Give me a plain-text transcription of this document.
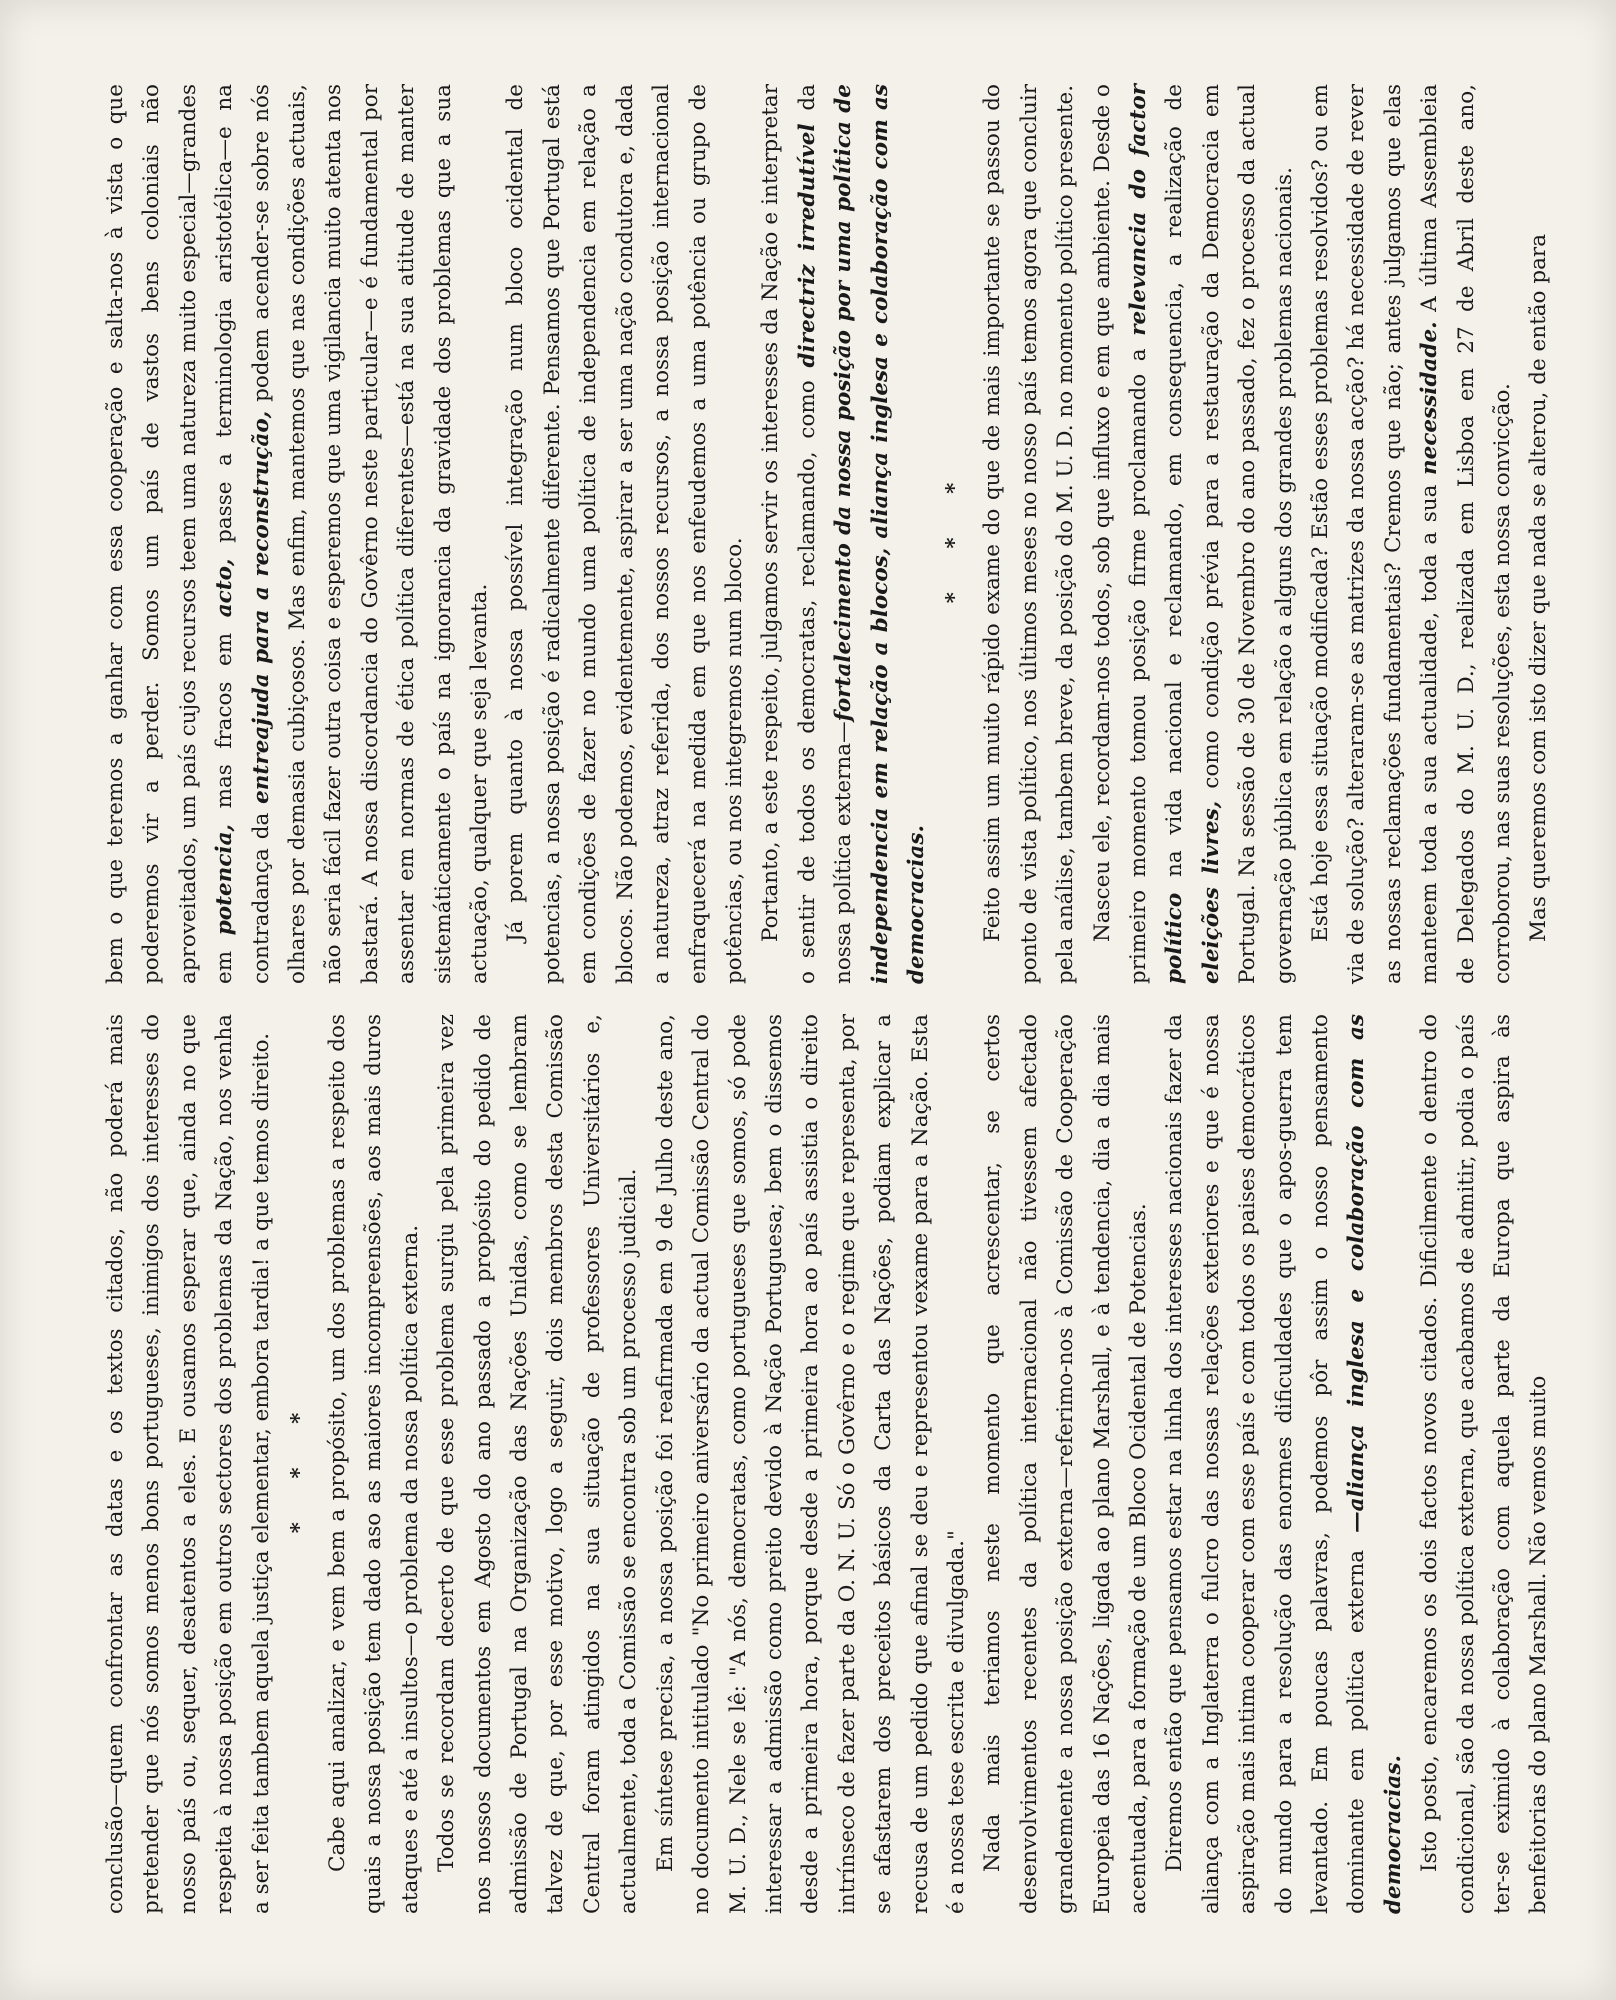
conclusão—quem confrontar as datas e os textos citados, não poderá mais pretender que nós somos menos bons portugueses, inimigos dos interesses do nosso país ou, sequer, desatentos a eles. E ousamos esperar que, ainda no que respeita à nossa posição em outros sectores dos problemas da Nação, nos venha a ser feita tambem aquela justiça elementar, embora tardia! a que temos direito. * * * Cabe aqui analizar, e vem bem a propósito, um dos problemas a respeito dos quais a nossa posição tem dado aso as maiores incompreensões, aos mais duros ataques e até a insultos—o problema da nossa política externa. Todos se recordam decerto de que esse problema surgiu pela primeira vez nos nossos documentos em Agosto do ano passado a propósito do pedido de admissão de Portugal na Organização das Nações Unidas, como se lembram talvez de que, por esse motivo, logo a seguir, dois membros desta Comissão Central foram atingidos na sua situação de professores Universitários e, actualmente, toda a Comissão se encontra sob um processo judicial. Em síntese precisa, a nossa posição foi reafirmada em 9 de Julho deste ano, no documento intitulado "No primeiro aniversário da actual Comissão Central do M. U. D., Nele se lê: "A nós, democratas, como portugueses que somos, só pode interessar a admissão como preito devido à Nação Portuguesa; bem o dissemos desde a primeira hora, porque desde a primeira hora ao país assistia o direito intrínseco de fazer parte da O. N. U. Só o Govêrno e o regime que representa, por se afastarem dos preceitos básicos da Carta das Nações, podiam explicar a recusa de um pedido que afinal se deu e representou vexame para a Nação. Esta é a nossa tese escrita e divulgada." Nada mais teriamos neste momento que acrescentar, se certos desenvolvimentos recentes da política internacional não tivessem afectado grandemente a nossa posição externa—referimo-nos à Comissão de Cooperação Europeia das 16 Nações, ligada ao plano Marshall, e à tendencia, dia a dia mais acentuada, para a formação de um Bloco Ocidental de Potencias. Diremos então que pensamos estar na linha dos interesses nacionais fazer da aliança com a Inglaterra o fulcro das nossas relações exteriores e que é nossa aspiração mais intima cooperar com esse país e com todos os paises democráticos do mundo para a resolução das enormes dificuldades que o apos-guerra tem levantado. Em poucas palavras, podemos pôr assim o nosso pensamento dominante em política externa —aliança inglesa e colaboração com as democracias. Isto posto, encaremos os dois factos novos citados. Dificilmente o dentro do condicional, são da nossa política externa, que acabamos de admitir, podia o país ter-se eximido à colaboração com aquela parte da Europa que aspira às benfeitorias do plano Marshall. Não vemos muito

bem o que teremos a ganhar com essa cooperação e salta-nos à vista o que poderemos vir a perder. Somos um país de vastos bens coloniais não aproveitados, um país cujos recursos teem uma natureza muito especial—grandes em potencia, mas fracos em acto, passe a terminologia aristotélica—e na contradança da entreajuda para a reconstrução, podem acender-se sobre nós olhares por demasia cubiçosos. Mas enfim, mantemos que nas condições actuais, não seria fácil fazer outra coisa e esperemos que uma vigilancia muito atenta nos bastará. A nossa discordancia do Govêrno neste particular—e é fundamental por assentar em normas de ética política diferentes—está na sua atitude de manter sistemáticamente o país na ignorancia da gravidade dos problemas que a sua actuação, qualquer que seja levanta. Já porem quanto à nossa possível integração num bloco ocidental de potencias, a nossa posição é radicalmente diferente. Pensamos que Portugal está em condições de fazer no mundo uma política de independencia em relação a blocos. Não podemos, evidentemente, aspirar a ser uma nação condutora e, dada a natureza, atraz referida, dos nossos recursos, a nossa posição internacional enfraquecerá na medida em que nos enfeudemos a uma potência ou grupo de potências, ou nos integremos num bloco. Portanto, a este respeito, julgamos servir os interesses da Nação e interpretar o sentir de todos os democratas, reclamando, como directriz irredutível da nossa política externa—fortalecimento da nossa posição por uma política de independencia em relação a blocos, aliança inglesa e colaboração com as democracias.

* * * Feito assim um muito rápido exame do que de mais importante se passou do ponto de vista político, nos últimos meses no nosso país temos agora que concluir pela análise, tambem breve, da posição do M. U. D. no momento político presente. Nasceu ele, recordam-nos todos, sob que influxo e em que ambiente. Desde o primeiro momento tomou posição firme proclamando a relevancia do factor político na vida nacional e reclamando, em consequencia, a realização de eleições livres, como condição prévia para a restauração da Democracia em Portugal. Na sessão de 30 de Novembro do ano passado, fez o processo da actual governação pública em relação a alguns dos grandes problemas nacionais. Está hoje essa situação modificada? Estão esses problemas resolvidos? ou em via de solução? alteraram-se as matrizes da nossa acção? há necessidade de rever as nossas reclamações fundamentais? Cremos que não; antes julgamos que elas manteem toda a sua actualidade, toda a sua necessidade. A última Assembleia de Delegados do M. U. D., realizada em Lisboa em 27 de Abril deste ano, corroborou, nas suas resoluções, esta nossa convicção. Mas queremos com isto dizer que nada se alterou, de então para
